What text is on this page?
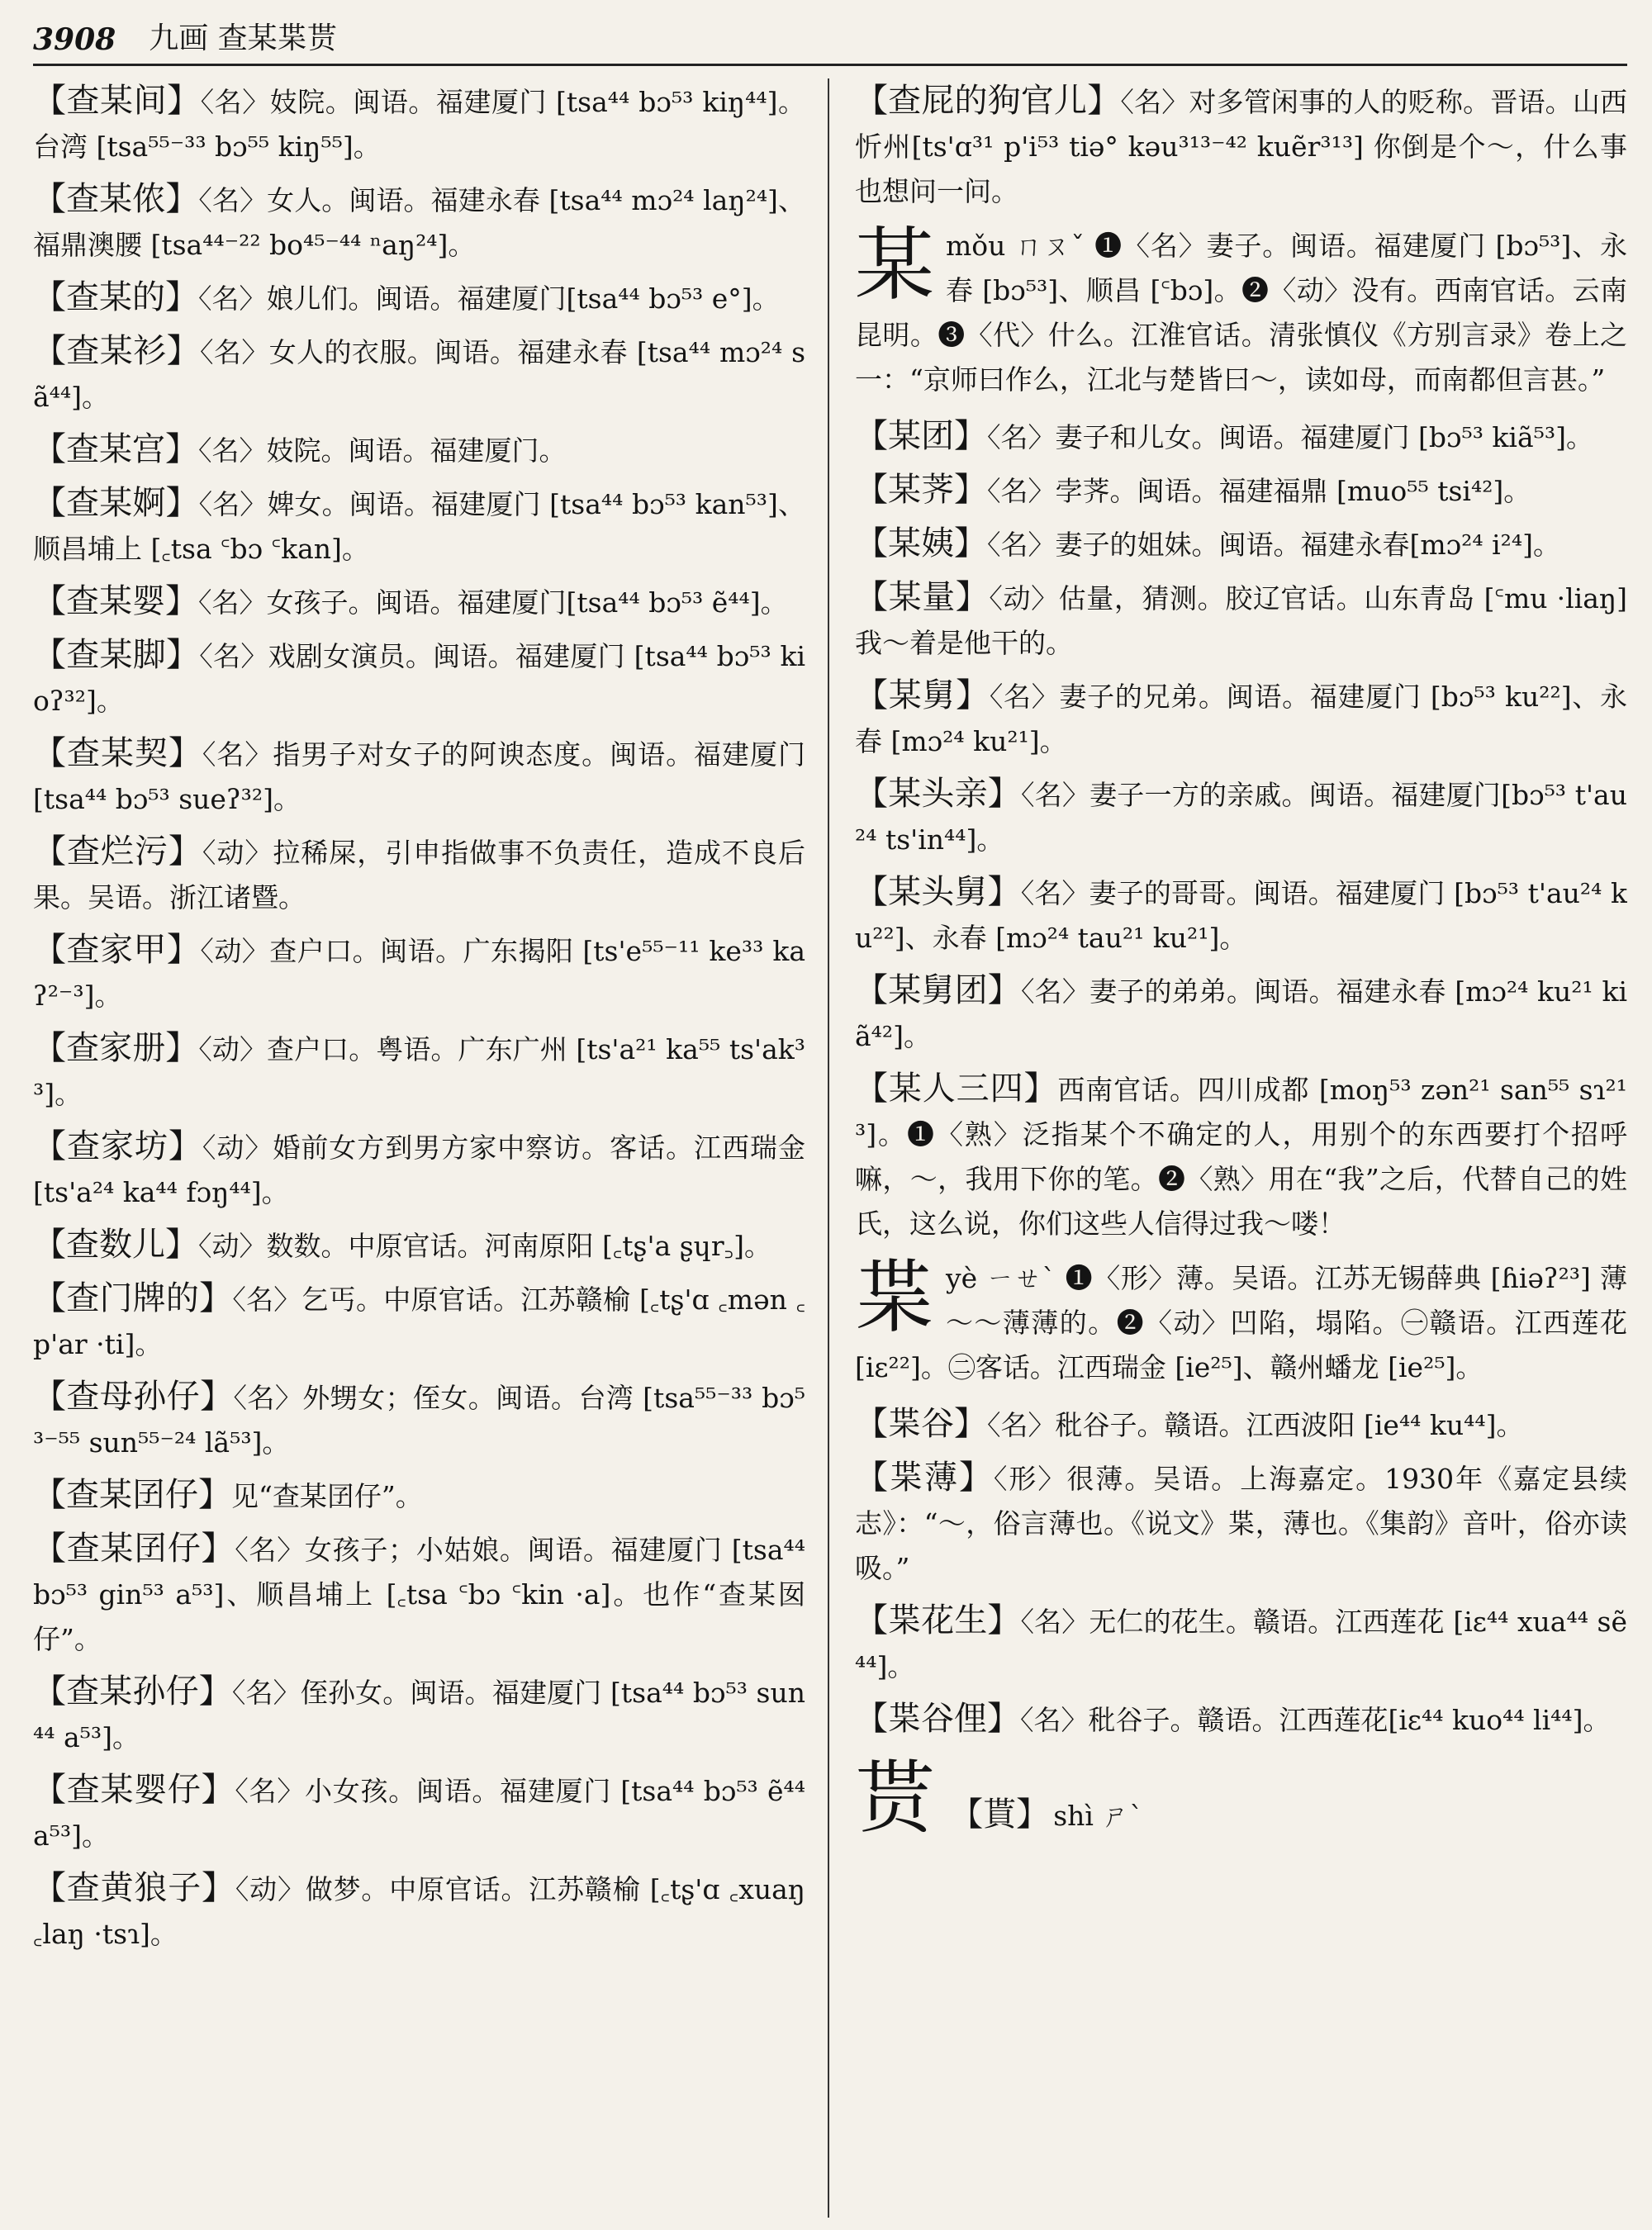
3908 九画 查某枼贳
【查某间】〈名〉妓院。闽语。福建厦门 [tsa⁴⁴ bɔ⁵³ kiŋ⁴⁴]。台湾 [tsa⁵⁵⁻³³ bɔ⁵⁵ kiŋ⁵⁵]。
【查某侬】〈名〉女人。闽语。福建永春 [tsa⁴⁴ mɔ²⁴ laŋ²⁴]、福鼎澳腰 [tsa⁴⁴⁻²² bo⁴⁵⁻⁴⁴ ⁿaŋ²⁴]。
【查某的】〈名〉娘儿们。闽语。福建厦门[tsa⁴⁴ bɔ⁵³ e°]。
【查某衫】〈名〉女人的衣服。闽语。福建永春 [tsa⁴⁴ mɔ²⁴ sã⁴⁴]。
【查某宫】〈名〉妓院。闽语。福建厦门。
【查某婀】〈名〉婢女。闽语。福建厦门 [tsa⁴⁴ bɔ⁵³ kan⁵³]、顺昌埔上 [꜀tsa ꜂bɔ ꜂kan]。
【查某婴】〈名〉女孩子。闽语。福建厦门[tsa⁴⁴ bɔ⁵³ ẽ⁴⁴]。
【查某脚】〈名〉戏剧女演员。闽语。福建厦门 [tsa⁴⁴ bɔ⁵³ kioʔ³²]。
【查某契】〈名〉指男子对女子的阿谀态度。闽语。福建厦门 [tsa⁴⁴ bɔ⁵³ sueʔ³²]。
【查烂污】〈动〉拉稀屎，引申指做事不负责任，造成不良后果。吴语。浙江诸暨。
【查家甲】〈动〉查户口。闽语。广东揭阳 [ts'e⁵⁵⁻¹¹ ke³³ kaʔ²⁻³]。
【查家册】〈动〉查户口。粤语。广东广州 [ts'a²¹ ka⁵⁵ ts'ak³³]。
【查家坊】〈动〉婚前女方到男方家中察访。客话。江西瑞金 [ts'a²⁴ ka⁴⁴ fɔŋ⁴⁴]。
【查数儿】〈动〉数数。中原官话。河南原阳 [꜀tʂ'a ʂɥr꜆]。
【查门牌的】〈名〉乞丐。中原官话。江苏赣榆 [꜀tʂ'ɑ ꜀mən ꜀p'ar ·ti]。
【查母孙仔】〈名〉外甥女；侄女。闽语。台湾 [tsa⁵⁵⁻³³ bɔ⁵³⁻⁵⁵ sun⁵⁵⁻²⁴ lã⁵³]。
【查某囝仔】见“查某囝仔”。
【查某囝仔】〈名〉女孩子；小姑娘。闽语。福建厦门 [tsa⁴⁴ bɔ⁵³ gin⁵³ a⁵³]、顺昌埔上 [꜀tsa ꜂bɔ ꜂kin ·a]。也作“查某囡仔”。
【查某孙仔】〈名〉侄孙女。闽语。福建厦门 [tsa⁴⁴ bɔ⁵³ sun⁴⁴ a⁵³]。
【查某婴仔】〈名〉小女孩。闽语。福建厦门 [tsa⁴⁴ bɔ⁵³ ẽ⁴⁴ a⁵³]。
【查黄狼子】〈动〉做梦。中原官话。江苏赣榆 [꜀tʂ'ɑ ꜀xuaŋ ꜀laŋ ·tsɿ]。
【查屁的狗官儿】〈名〉对多管闲事的人的贬称。晋语。山西忻州[ts'ɑ³¹ p'i⁵³ tiə° kəu³¹³⁻⁴² kuẽr³¹³] 你倒是个～，什么事也想问一问。
某 mǒu ㄇㄡˇ ❶〈名〉妻子。闽语。福建厦门 [bɔ⁵³]、永春 [bɔ⁵³]、顺昌 [꜂bɔ]。❷〈动〉没有。西南官话。云南昆明。❸〈代〉什么。江淮官话。清张慎仪《方别言录》卷上之一：“京师曰作么，江北与楚皆曰～，读如母，而南都但言甚。”
【某团】〈名〉妻子和儿女。闽语。福建厦门 [bɔ⁵³ kiã⁵³]。
【某荠】〈名〉孛荠。闽语。福建福鼎 [muo⁵⁵ tsi⁴²]。
【某姨】〈名〉妻子的姐妹。闽语。福建永春[mɔ²⁴ i²⁴]。
【某量】〈动〉估量，猜测。胶辽官话。山东青岛 [꜂mu ·liaŋ] 我～着是他干的。
【某舅】〈名〉妻子的兄弟。闽语。福建厦门 [bɔ⁵³ ku²²]、永春 [mɔ²⁴ ku²¹]。
【某头亲】〈名〉妻子一方的亲戚。闽语。福建厦门[bɔ⁵³ t'au²⁴ ts'in⁴⁴]。
【某头舅】〈名〉妻子的哥哥。闽语。福建厦门 [bɔ⁵³ t'au²⁴ ku²²]、永春 [mɔ²⁴ tau²¹ ku²¹]。
【某舅团】〈名〉妻子的弟弟。闽语。福建永春 [mɔ²⁴ ku²¹ kiã⁴²]。
【某人三四】西南官话。四川成都 [moŋ⁵³ zən²¹ san⁵⁵ sɿ²¹³]。❶〈熟〉泛指某个不确定的人，用别个的东西要打个招呼嘛，～，我用下你的笔。❷〈熟〉用在“我”之后，代替自己的姓氏，这么说，你们这些人信得过我～喽！
枼 yè ㄧㄝˋ ❶〈形〉薄。吴语。江苏无锡薛典 [ɦiəʔ²³] 薄～～薄薄的。❷〈动〉凹陷，塌陷。㊀赣语。江西莲花 [iɛ²²]。㊁客话。江西瑞金 [ie²⁵]、赣州蟠龙 [ie²⁵]。
【枼谷】〈名〉秕谷子。赣语。江西波阳 [ie⁴⁴ ku⁴⁴]。
【枼薄】〈形〉很薄。吴语。上海嘉定。1930年《嘉定县续志》：“～，俗言薄也。《说文》枼，薄也。《集韵》音叶，俗亦读吸。”
【枼花生】〈名〉无仁的花生。赣语。江西莲花 [iɛ⁴⁴ xua⁴⁴ sẽ⁴⁴]。
【枼谷俚】〈名〉秕谷子。赣语。江西莲花[iɛ⁴⁴ kuo⁴⁴ li⁴⁴]。
贳 【貰】 shì ㄕˋ
